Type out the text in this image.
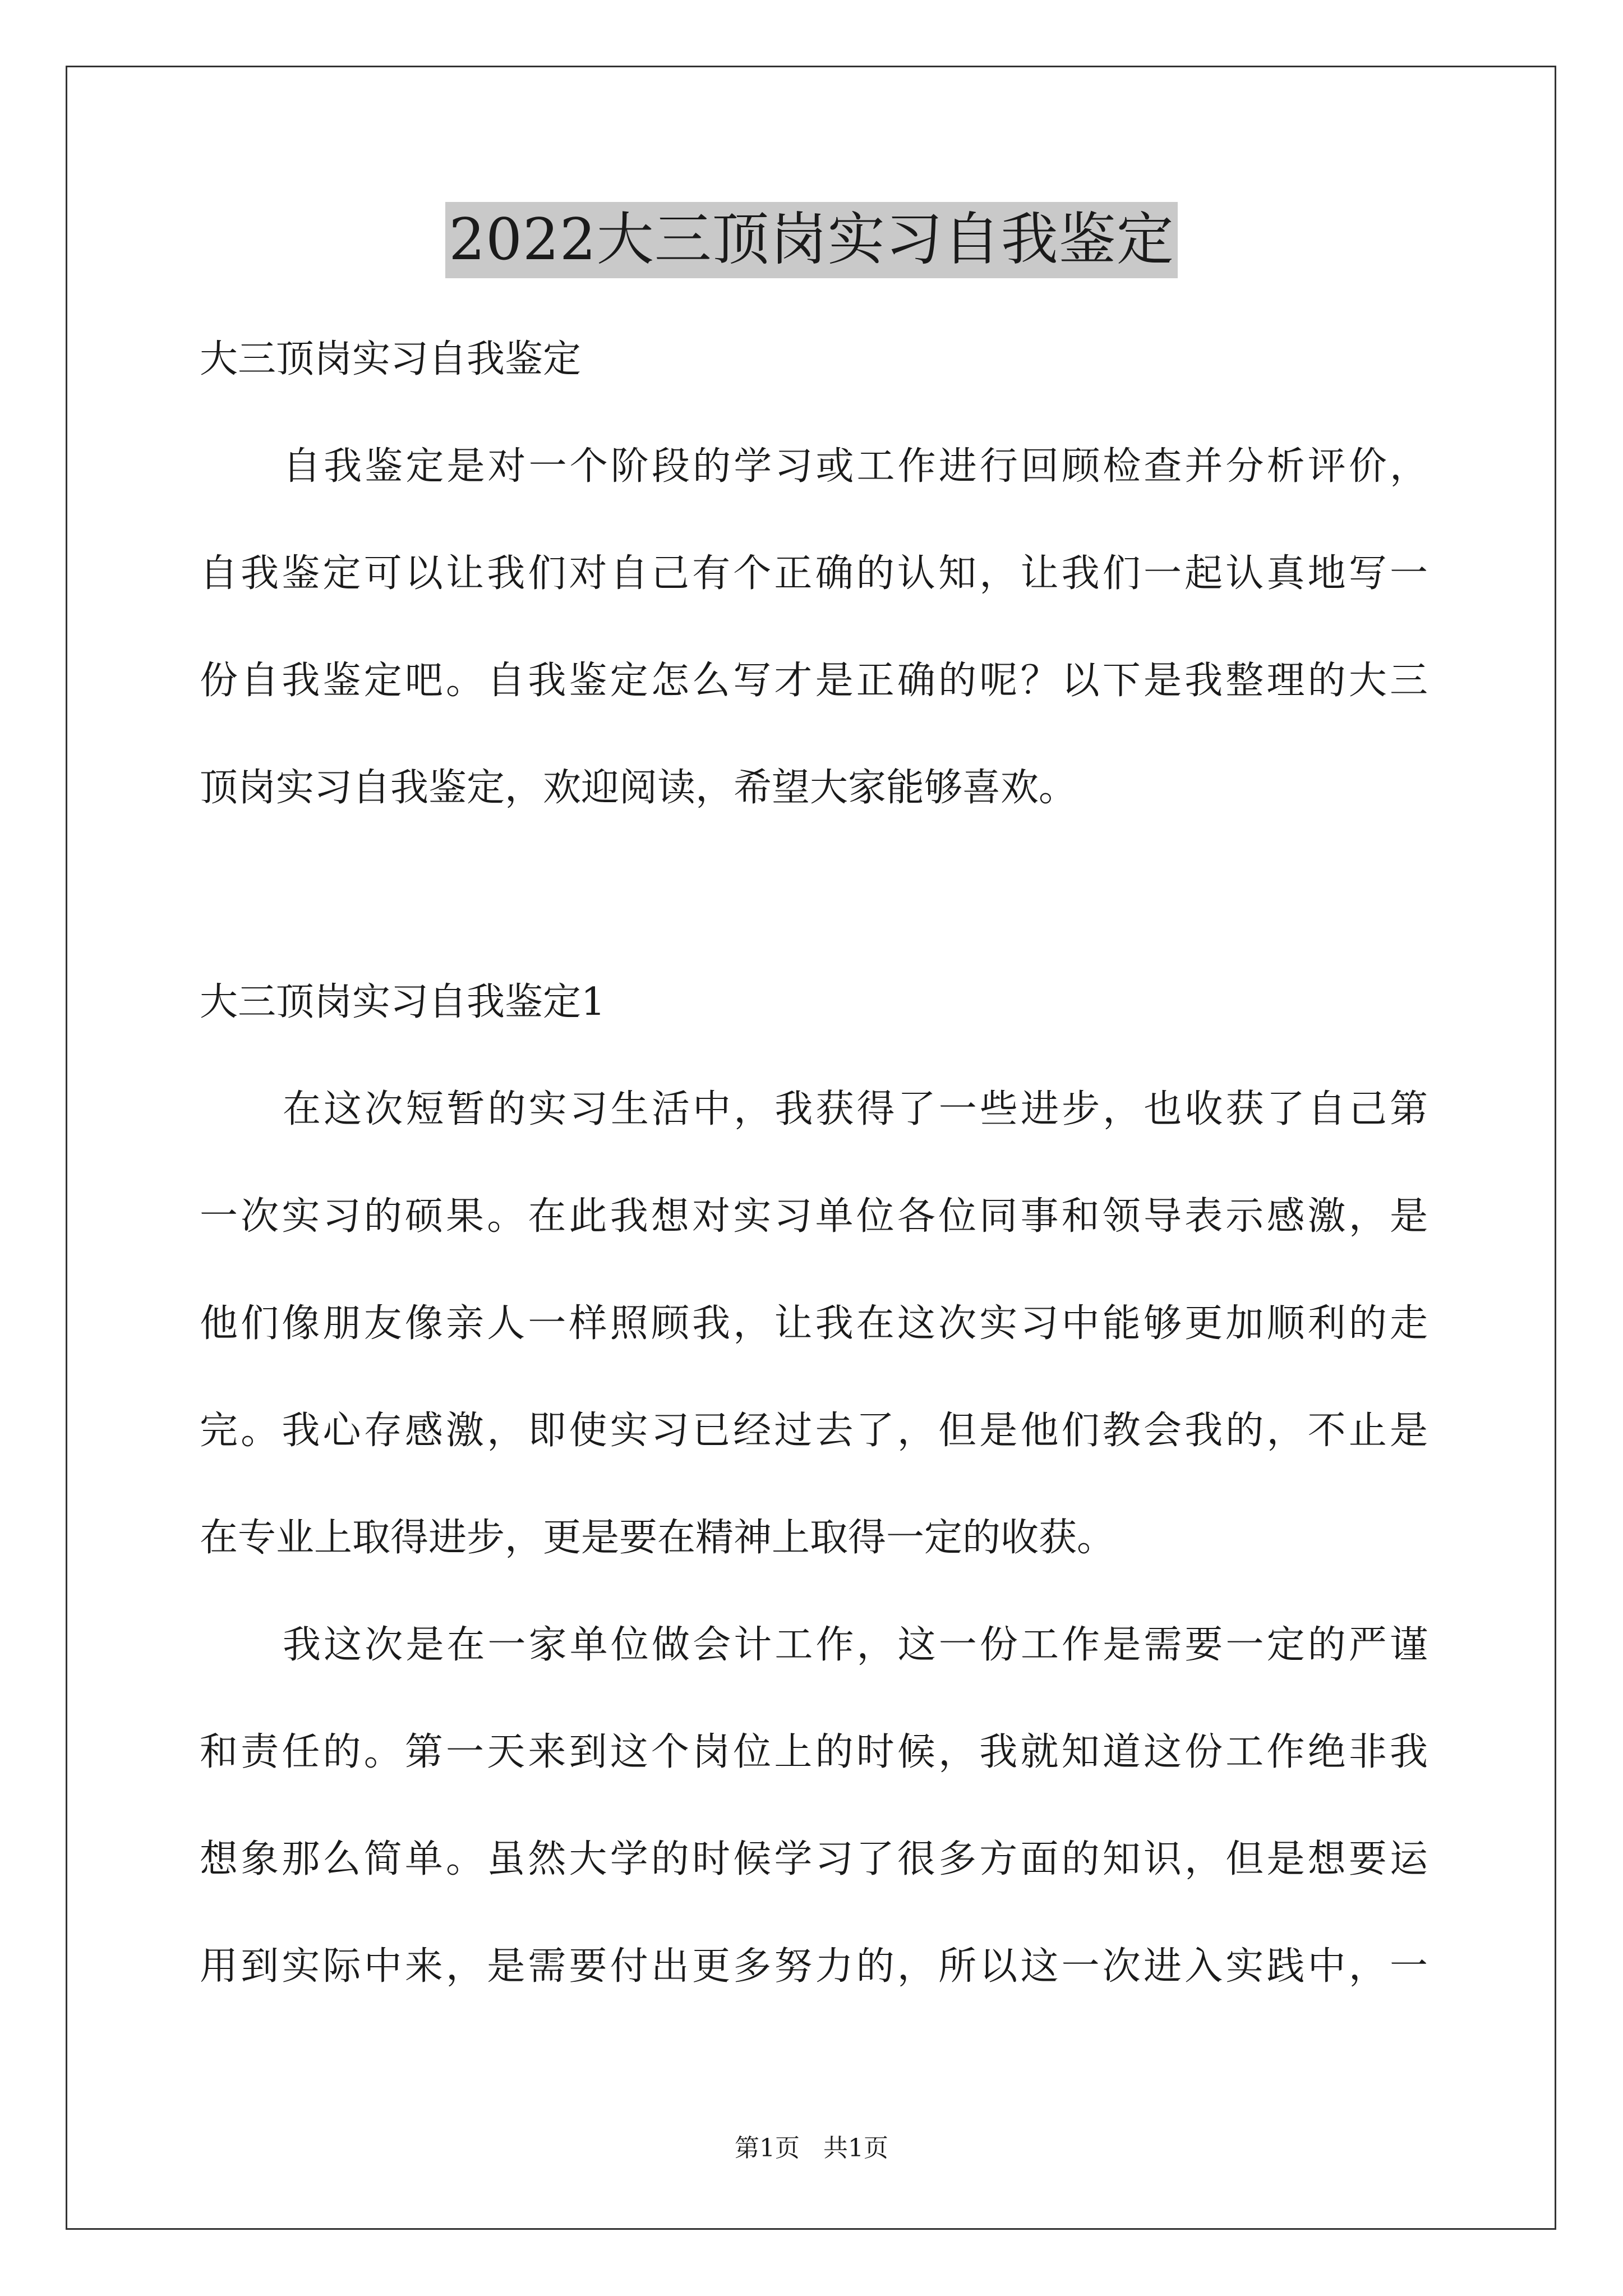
2022大三顶岗实习自我鉴定
大三顶岗实习自我鉴定
自我鉴定是对一个阶段的学习或工作进行回顾检查并分析评价，
自我鉴定可以让我们对自己有个正确的认知，让我们一起认真地写一
份自我鉴定吧。自我鉴定怎么写才是正确的呢？以下是我整理的大三
顶岗实习自我鉴定，欢迎阅读，希望大家能够喜欢。
大三顶岗实习自我鉴定1
在这次短暂的实习生活中，我获得了一些进步，也收获了自己第
一次实习的硕果。在此我想对实习单位各位同事和领导表示感激，是
他们像朋友像亲人一样照顾我，让我在这次实习中能够更加顺利的走
完。我心存感激，即使实习已经过去了，但是他们教会我的，不止是
在专业上取得进步，更是要在精神上取得一定的收获。
我这次是在一家单位做会计工作，这一份工作是需要一定的严谨
和责任的。第一天来到这个岗位上的时候，我就知道这份工作绝非我
想象那么简单。虽然大学的时候学习了很多方面的知识，但是想要运
用到实际中来，是需要付出更多努力的，所以这一次进入实践中，一
第1页   共1页
